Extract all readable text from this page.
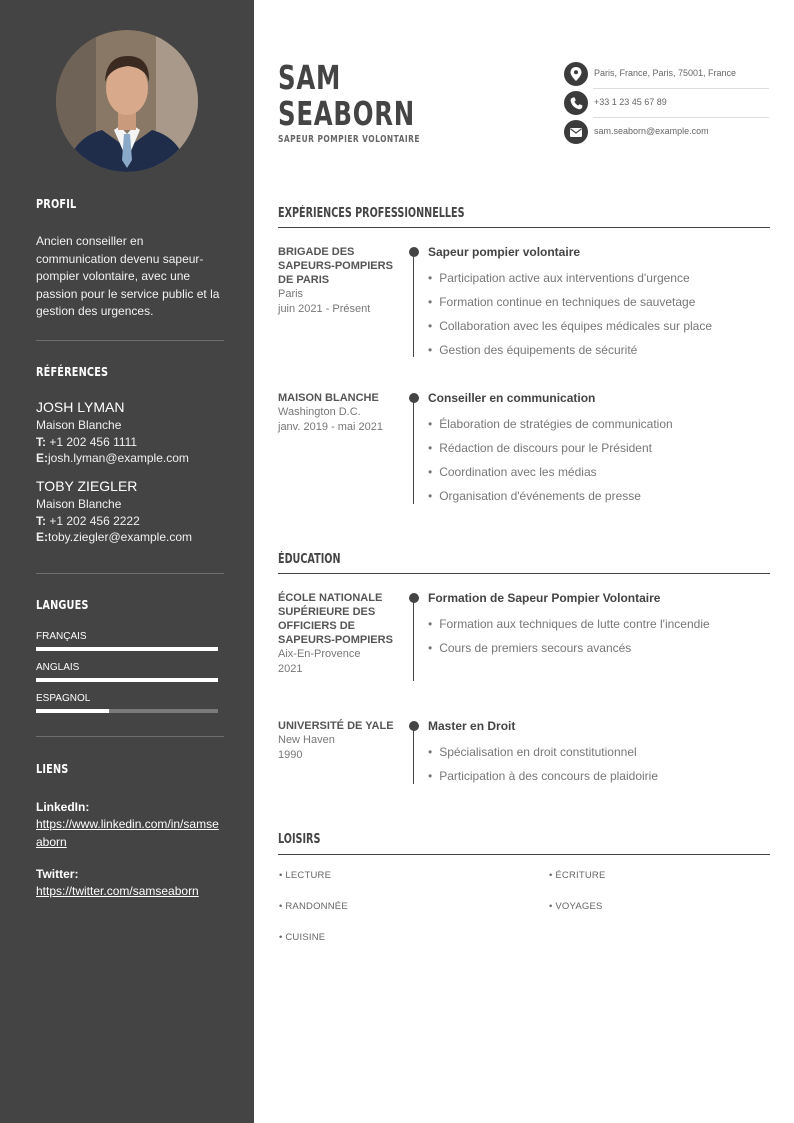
PROFIL
Ancien conseiller en communication devenu sapeur-pompier volontaire, avec une passion pour le service public et la gestion des urgences.
RÉFÉRENCES
JOSH LYMAN
Maison Blanche
T: +1 202 456 1111
E:josh.lyman@example.com
TOBY ZIEGLER
Maison Blanche
T: +1 202 456 2222
E:toby.ziegler@example.com
LANGUES
FRANÇAIS
ANGLAIS
ESPAGNOL
LIENS
LinkedIn:
https://www.linkedin.com/in/samseaborn
Twitter:
https://twitter.com/samseaborn
SAM
SEABORN
SAPEUR POMPIER VOLONTAIRE
Paris, France, Paris, 75001, France
+33 1 23 45 67 89
sam.seaborn@example.com
EXPÉRIENCES PROFESSIONNELLES
BRIGADE DES
SAPEURS-POMPIERS
DE PARIS
Paris
juin 2021 - Présent
Sapeur pompier volontaire
• Participation active aux interventions d'urgence
• Formation continue en techniques de sauvetage
• Collaboration avec les équipes médicales sur place
• Gestion des équipements de sécurité
MAISON BLANCHE
Washington D.C.
janv. 2019 - mai 2021
Conseiller en communication
• Élaboration de stratégies de communication
• Rédaction de discours pour le Président
• Coordination avec les médias
• Organisation d'événements de presse
ÉDUCATION
ÉCOLE NATIONALE
SUPÉRIEURE DES
OFFICIERS DE
SAPEURS-POMPIERS
Aix-En-Provence
2021
Formation de Sapeur Pompier Volontaire
• Formation aux techniques de lutte contre l'incendie
• Cours de premiers secours avancés
UNIVERSITÉ DE YALE
New Haven
1990
Master en Droit
• Spécialisation en droit constitutionnel
• Participation à des concours de plaidoirie
LOISIRS
• LECTURE	• ÉCRITURE
• RANDONNÉE	• VOYAGES
• CUISINE
